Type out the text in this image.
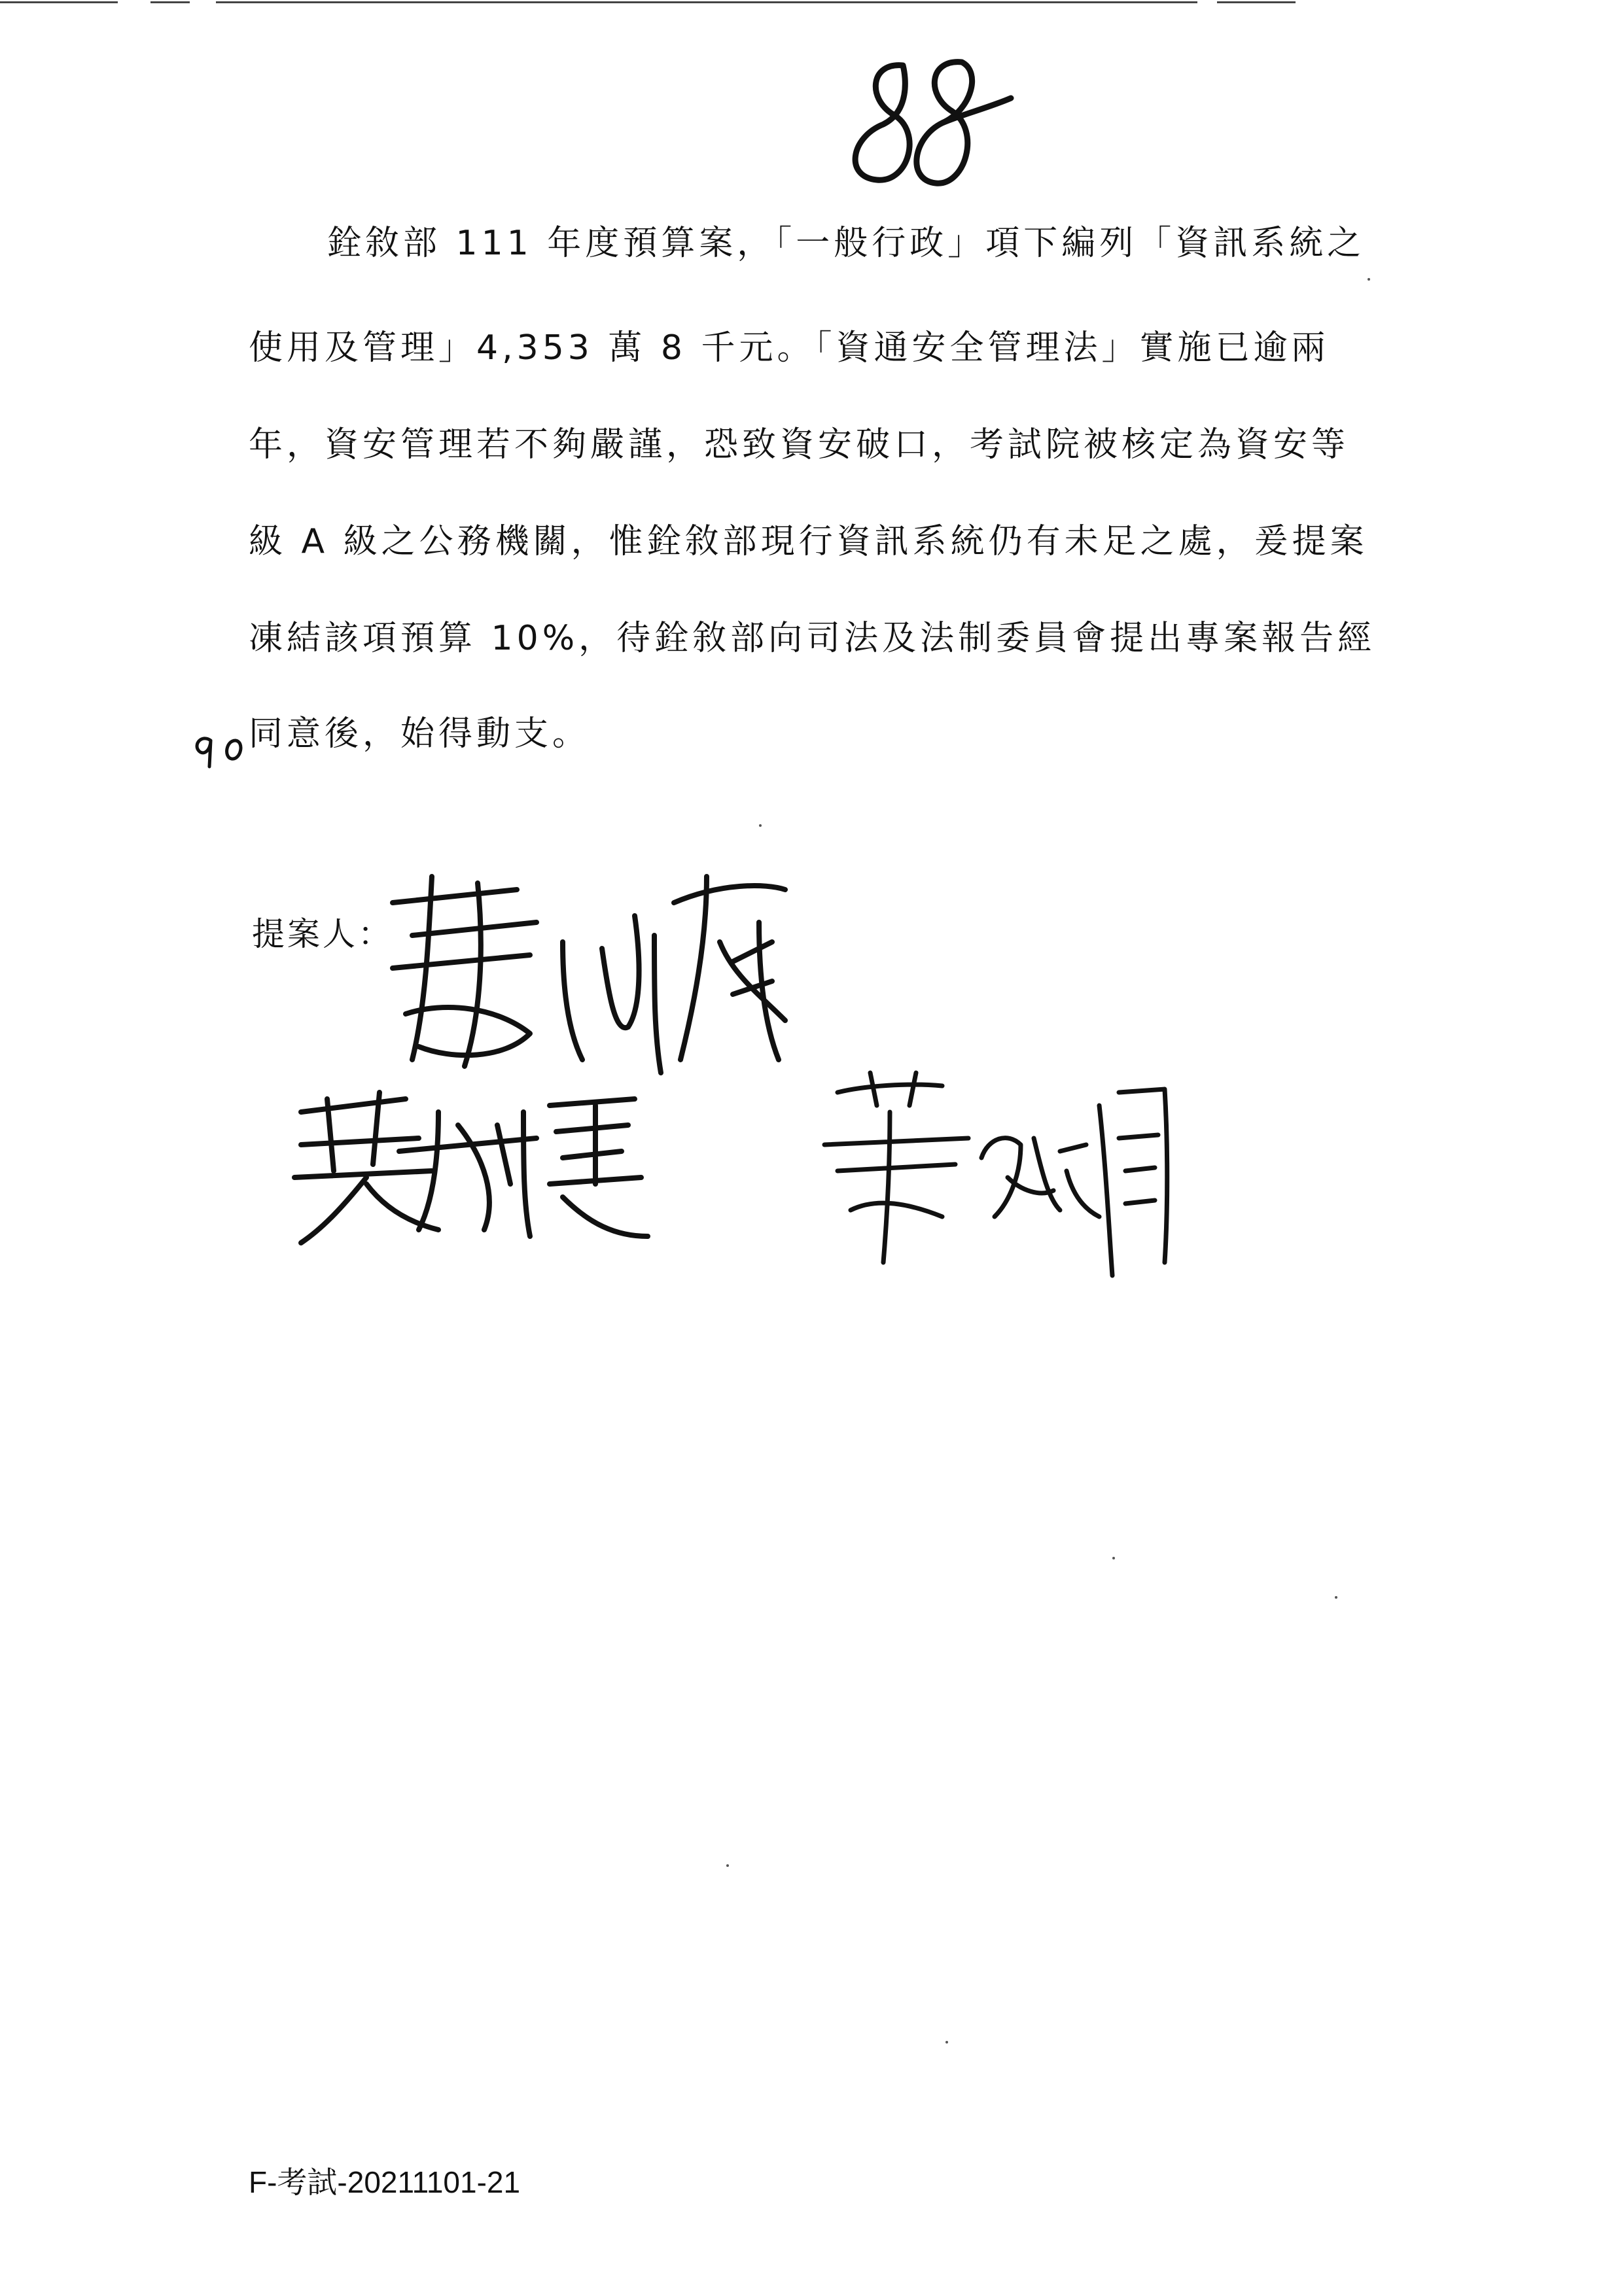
銓敘部 111 年度預算案，「一般行政」項下編列「資訊系統之
使用及管理」4,353 萬 8 千元。「資通安全管理法」實施已逾兩
年，資安管理若不夠嚴謹，恐致資安破口，考試院被核定為資安等
級 A 級之公務機關，惟銓敘部現行資訊系統仍有未足之處，爰提案
凍結該項預算 10%，待銓敘部向司法及法制委員會提出專案報告經
同意後，始得動支。
提案人：
F-考試-20211101-21
